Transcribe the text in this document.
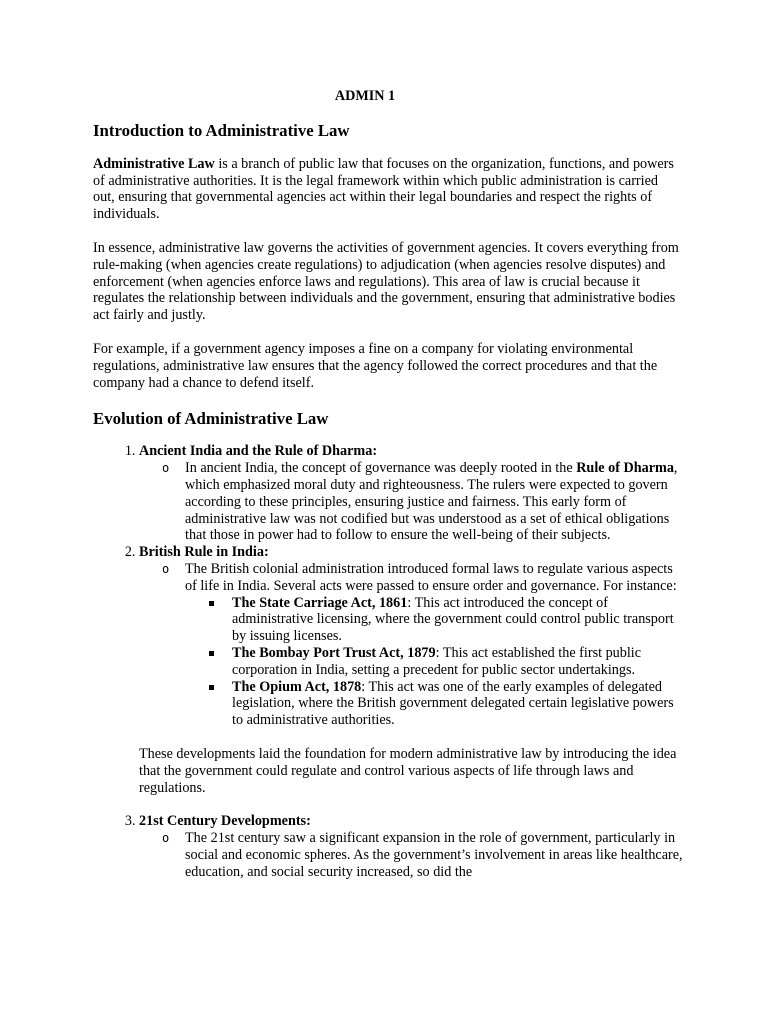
ADMIN 1
Introduction to Administrative Law

Administrative Law is a branch of public law that focuses on the organization, functions, and powers of administrative authorities. It is the legal framework within which public administration is carried out, ensuring that governmental agencies act within their legal boundaries and respect the rights of individuals.

In essence, administrative law governs the activities of government agencies. It covers everything from rule-making (when agencies create regulations) to adjudication (when agencies resolve disputes) and enforcement (when agencies enforce laws and regulations). This area of law is crucial because it regulates the relationship between individuals and the government, ensuring that administrative bodies act fairly and justly.

For example, if a government agency imposes a fine on a company for violating environmental regulations, administrative law ensures that the agency followed the correct procedures and that the company had a chance to defend itself.

Evolution of Administrative Law
1. Ancient India and the Rule of Dharma:
o In ancient India, the concept of governance was deeply rooted in the Rule of Dharma, which emphasized moral duty and righteousness. The rulers were expected to govern according to these principles, ensuring justice and fairness. This early form of administrative law was not codified but was understood as a set of ethical obligations that those in power had to follow to ensure the well-being of their subjects.
2. British Rule in India:
o The British colonial administration introduced formal laws to regulate various aspects of life in India. Several acts were passed to ensure order and governance. For instance:
The State Carriage Act, 1861: This act introduced the concept of administrative licensing, where the government could control public transport by issuing licenses.
The Bombay Port Trust Act, 1879: This act established the first public corporation in India, setting a precedent for public sector undertakings.
The Opium Act, 1878: This act was one of the early examples of delegated legislation, where the British government delegated certain legislative powers to administrative authorities.

These developments laid the foundation for modern administrative law by introducing the idea that the government could regulate and control various aspects of life through laws and regulations.

3. 21st Century Developments:
o The 21st century saw a significant expansion in the role of government, particularly in social and economic spheres. As the government’s involvement in areas like healthcare, education, and social security increased, so did the
